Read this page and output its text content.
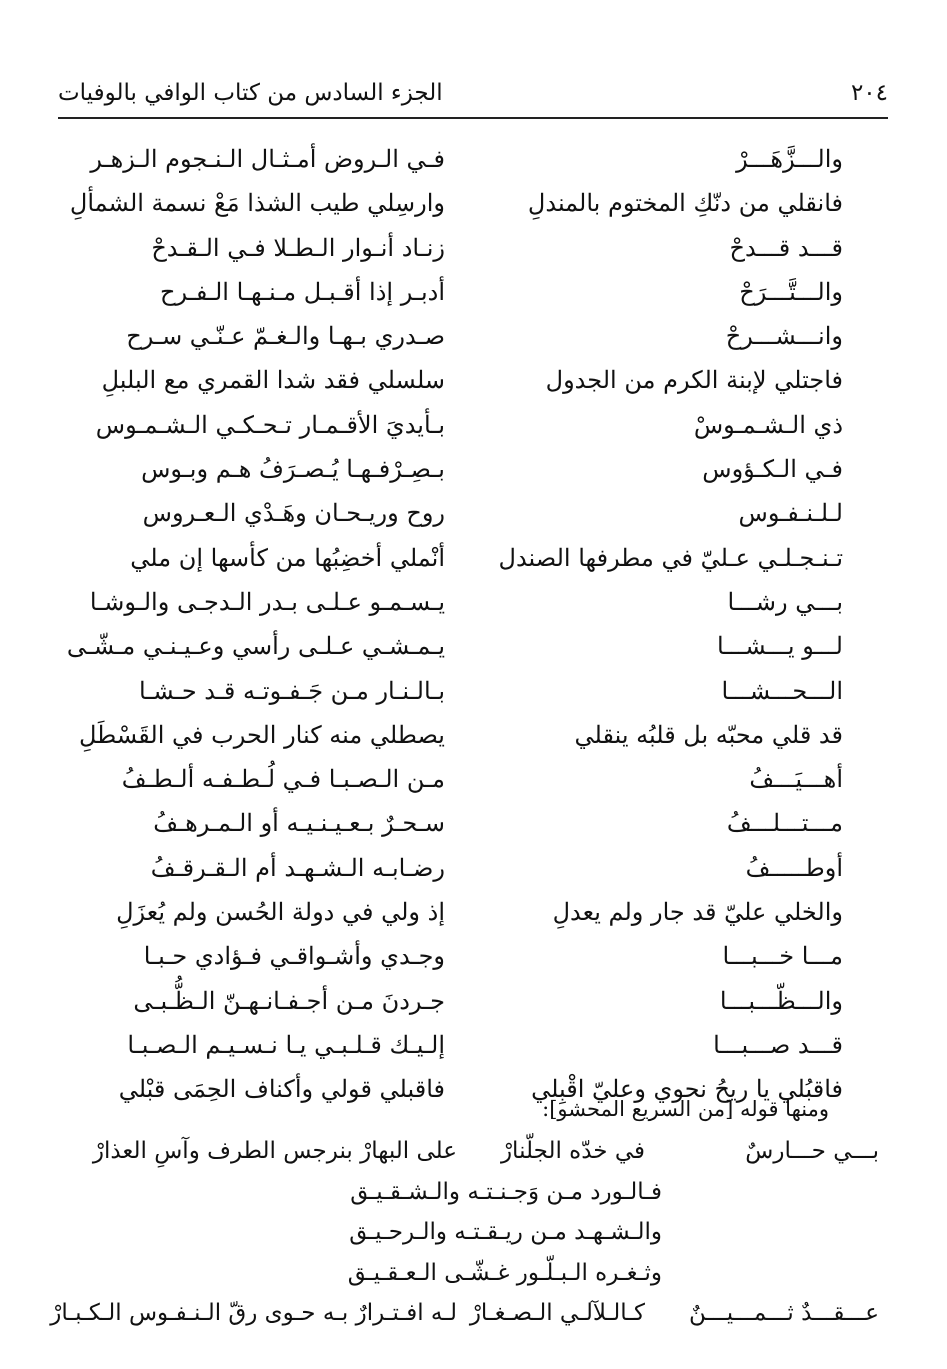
٢٠٤
الجزء السادس من كتاب الوافي بالوفيات
والـــزَّهَـــرْ
فـي الـروض أمـثـال الـنـجوم الـزهـر
فانقلي من دنّكِ المختوم بالمندلِ
وارسِلي طيب الشذا مَعْ نسمة الشمألِ
قـــد قـــدحْ
زنـاد أنـوار الـطـلا فـي الـقـدحْ
والـــتَّـــرَحْ
أدبـر إذا أقـبـل مـنـهـا الـفـرح
وانـــشـــرحْ
صـدري بـهـا والـغـمّ عـنّـي سـرح
فاجتلي لإبنة الكرم من الجدول
سلسلي فقد شدا القمري مع البلبلِ
ذي الـشـمـوسْ
بـأيديَ الأقـمـار تـحـكـي الـشـمـوس
فـي الـكـؤوس
بـصِـرْفـهـا يُـصـرَفُ هـم وبـوس
لـلـنـفـوس
روح وريـحـان وهَـدْي الـعـروس
تـنـجـلـي عـليّ في مطرفها الصندل
أنْملي أخضِبُها من كأسها إن ملي
بـــي رشـــا
يـسـمـو عـلـى بـدر الـدجـى والـوشـا
لـــو يـــشـــا
يـمـشـي عـلـى رأسي وعـيـنـي مـشّـى
الـــحـــشـــا
بـالـنـار مـن جَـفـوتـه قـد حـشـا
قد قلي محبّه بل قلبُه ينقلي
يصطلي منه كنار الحرب في القَسْطَلِ
أهـــيَـــفُ
مـن الـصـبـا فـي لُـطـفـه ألـطـفُ
مـــتـــلـــفُ
سـحـرٌ بـعـيـنـيـه أو الـمـرهـفُ
أوطـــــفُ
رضـابـه الـشـهـد أم الـقـرقـفُ
والخلي عليّ قد جار ولم يعدلِ
إذ ولي في دولة الحُسن ولم يُعزَلِ
مـــا خـــبـــا
وجـدي وأشـواقـي فـؤادي حـبـا
والـــظّـــبـــا
جـردنَ مـن أجـفـانـهـنّ الـظُّـبـى
قـــد صـــبـــا
إلـيـك قـلـبـي يـا نـسـيـم الـصـبـا
فاقبُلي يا ريحُ نحوي وعليّ اقْبِلي
فاقبلي قولي وأكناف الحِمَى قبْلي
ومنها قوله [من السريع المحشو]:
بـــي حـــارسٌ
في خدّه الجلّنارْ
على البهارْ بنرجس الطرف وآسِ العذارْ
فـالـورد مـن وَجـنـتـه والـشـقـيـق
والـشـهـد مـن ريـقـتـه والـرحـيـق
وثـغـره الـبـلّـور غـشّـى الـعـقـيـق
عـــقـــدٌ ثـــمـــيـــنٌ
كـالـلآلـي الـصـغـارْ
لـه افـتـرارٌ بـه حـوى رقّ الـنـفـوس الـكـبـارْ
